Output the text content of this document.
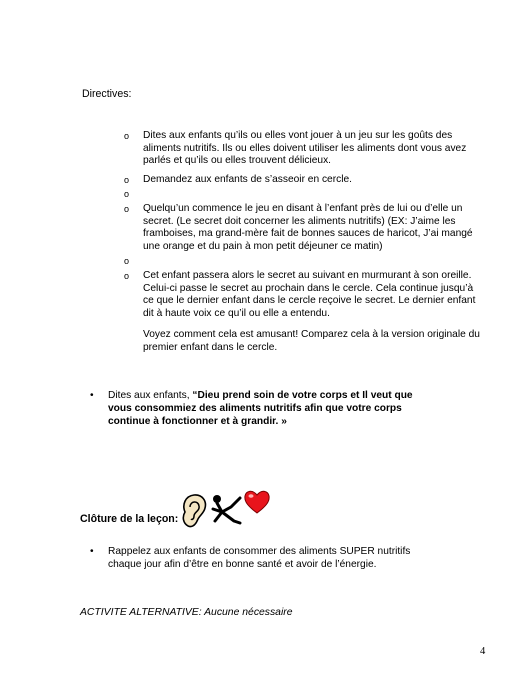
Directives:
o Dites aux enfants qu’ils ou elles vont jouer à un jeu sur les goûts des aliments nutritifs. Ils ou elles doivent utiliser les aliments dont vous avez parlés et qu’ils ou elles trouvent délicieux.
o Demandez aux enfants de s’asseoir en cercle.
o
o Quelqu’un commence le jeu en disant à l’enfant près de lui ou d’elle un secret. (Le secret doit concerner les aliments nutritifs) (EX: J’aime les framboises, ma grand-mère fait de bonnes sauces de haricot, J’ai mangé une orange et du pain à mon petit déjeuner ce matin)
o
o Cet enfant passera alors le secret au suivant en murmurant à son oreille. Celui-ci passe le secret au prochain dans le cercle. Cela continue jusqu’à ce que le dernier enfant dans le cercle reçoive le secret. Le dernier enfant dit à haute voix ce qu’il ou elle a entendu.
Voyez comment cela est amusant! Comparez cela à la version originale du premier enfant dans le cercle.
• Dites aux enfants, “Dieu prend soin de votre corps et Il veut que vous consommiez des aliments nutritifs afin que votre corps continue à fonctionner et à grandir. »
Clôture de la leçon:
• Rappelez aux enfants de consommer des aliments SUPER nutritifs chaque jour afin d’être en bonne santé et avoir de l’énergie.
ACTIVITE ALTERNATIVE: Aucune nécessaire
4
